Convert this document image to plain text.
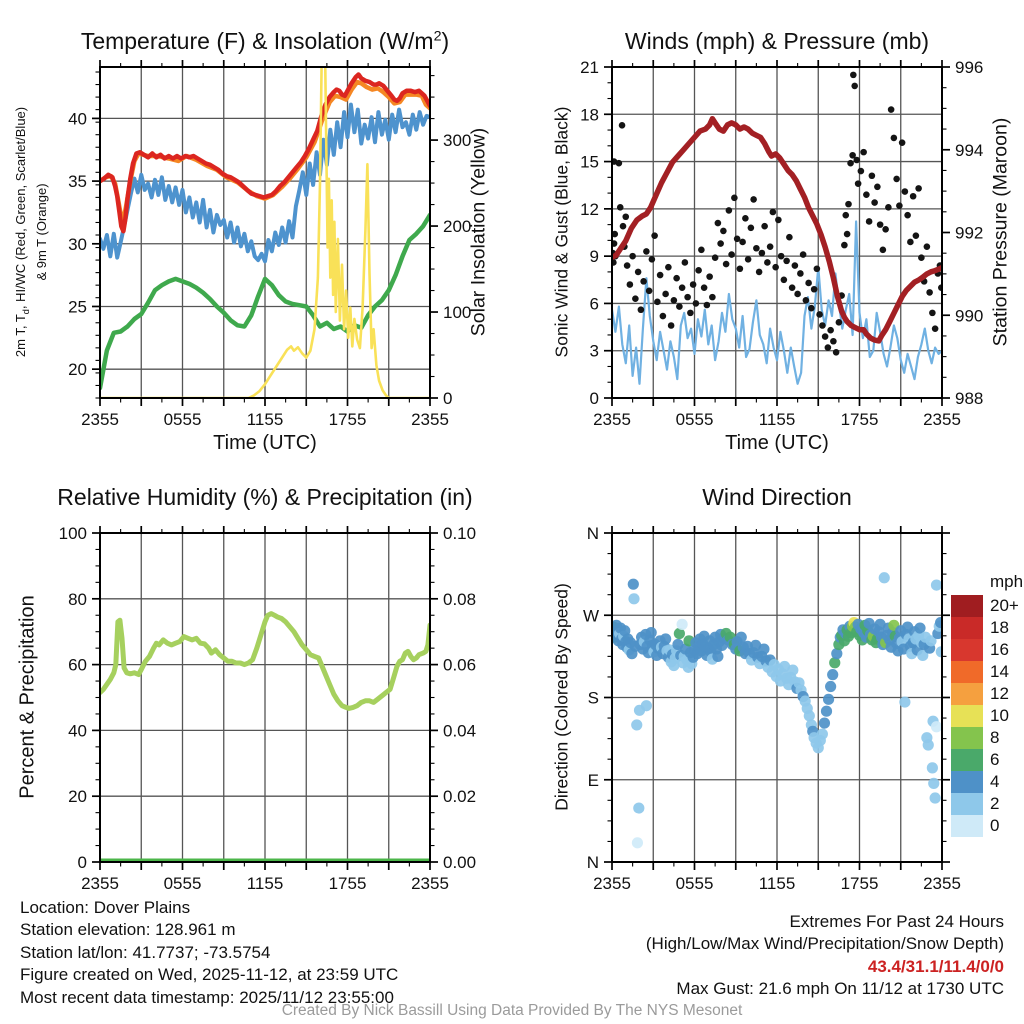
2355	0555	1155	1755	2355
20
25
30
35
40
0
100
200
300
2355	0555	1155	1755	2355
0
3
6
9
12
15
18
21
988
990
992
994
996
2355	0555	1155	1755	2355
0
20
40
60
80
100
0.00
0.02
0.04
0.06
0.08
0.10
2355	0555	1155	1755	2355
N
E
S
W
N
Temperature (F) & Insolation $(W/m^2)$	Winds (mph) & Pressure (mb)
Relative Humidity (%) & Precipitation (in)	Wind Direction
2m T, $T_d$, HI/WC (Red, Green, Scarlet/Blue) & 9m T (Orange)	Solar Insolation (Yellow)	Sonic Wind & Gust (Blue, Black)	Station Pressure (Maroon)
Percent & Precipitation	Direction (Colored By Speed)
Time (UTC)	Time (UTC)
mph
20+
18
16
14
12
10
8
6
4
2
0
Location: Dover Plains
Station elevation: 128.961 m
Station lat/lon: 41.7737; -73.5754
Figure created on Wed, 2025-11-12, at 23:59 UTC
Most recent data timestamp: 2025/11/12 23:55:00
Extremes For Past 24 Hours
(High/Low/Max Wind/Precipitation/Snow Depth)
43.4/31.1/11.4/0/0
Max Gust: 21.6 mph On 11/12 at 1730 UTC
Created By Nick Bassill Using Data Provided By The NYS Mesonet
